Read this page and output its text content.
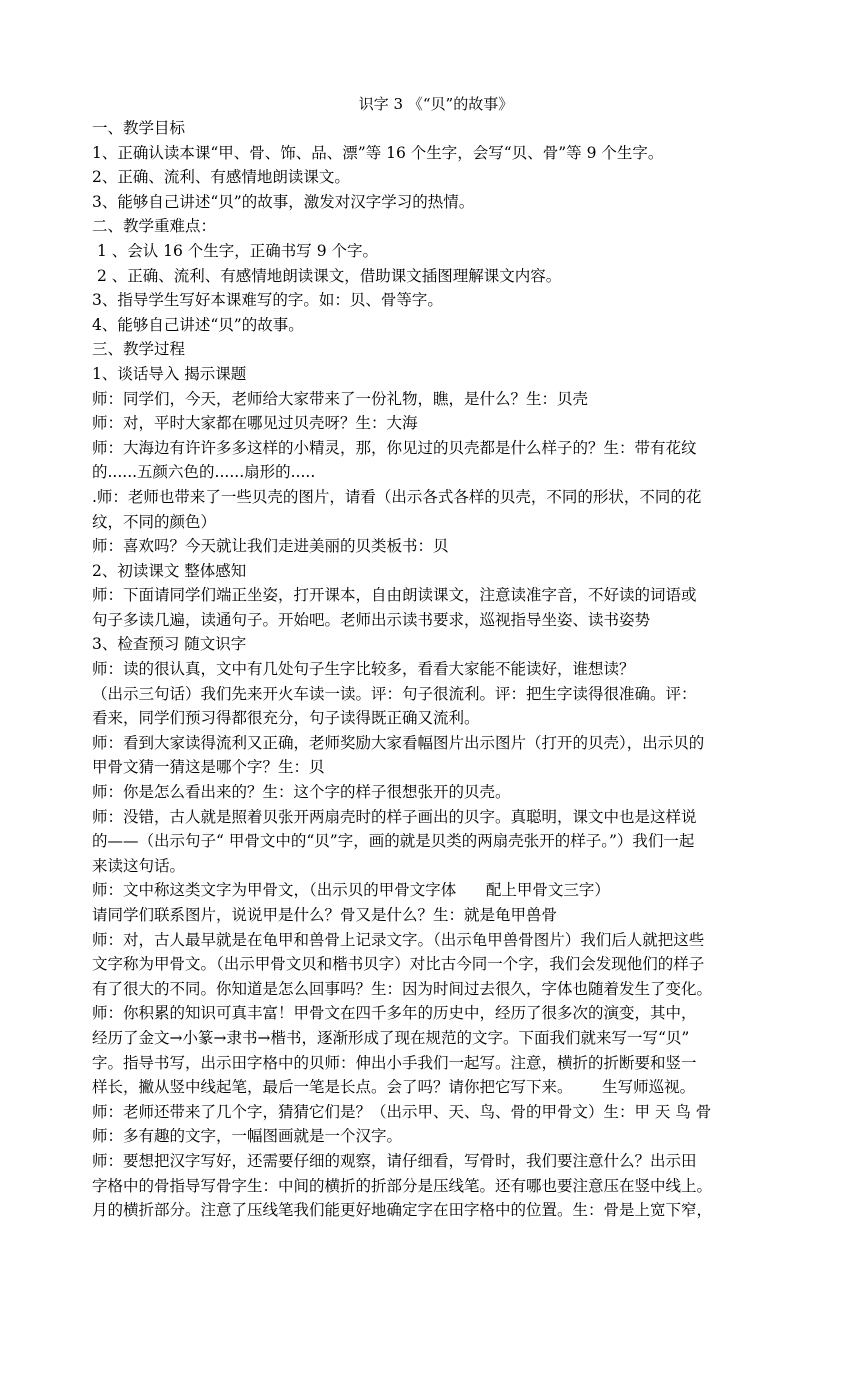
识字 3 《“贝”的故事》
一、教学目标
1、正确认读本课“甲、骨、饰、品、漂”等 16 个生字，会写“贝、骨”等 9 个生字。
2、正确、流利、有感情地朗读课文。
3、能够自己讲述“贝”的故事，激发对汉字学习的热情。
二、教学重难点：
1 、会认 16 个生字，正确书写 9 个字。
2 、正确、流利、有感情地朗读课文，借助课文插图理解课文内容。
3、指导学生写好本课难写的字。如：贝、骨等字。
4、能够自己讲述“贝”的故事。
三、教学过程
1、谈话导入 揭示课题
师：同学们，今天，老师给大家带来了一份礼物，瞧，是什么？生：贝壳
师：对，平时大家都在哪见过贝壳呀？生：大海
师：大海边有许许多多这样的小精灵，那，你见过的贝壳都是什么样子的？生：带有花纹
的......五颜六色的......扇形的.....
.师：老师也带来了一些贝壳的图片，请看（出示各式各样的贝壳，不同的形状，不同的花
纹，不同的颜色）
师：喜欢吗？今天就让我们走进美丽的贝类板书：贝
2、初读课文 整体感知
师：下面请同学们端正坐姿，打开课本，自由朗读课文，注意读准字音，不好读的词语或
句子多读几遍，读通句子。开始吧。老师出示读书要求，巡视指导坐姿、读书姿势
3、检查预习 随文识字
师：读的很认真，文中有几处句子生字比较多，看看大家能不能读好，谁想读？
（出示三句话）我们先来开火车读一读。评：句子很流利。评：把生字读得很准确。评：
看来，同学们预习得都很充分，句子读得既正确又流利。
师：看到大家读得流利又正确，老师奖励大家看幅图片出示图片（打开的贝壳），出示贝的
甲骨文猜一猜这是哪个字？生：贝
师：你是怎么看出来的？生：这个字的样子很想张开的贝壳。
师：没错，古人就是照着贝张开两扇壳时的样子画出的贝字。真聪明，课文中也是这样说
的——（出示句子“ 甲骨文中的“贝”字，画的就是贝类的两扇壳张开的样子。”）我们一起
来读这句话。
师：文中称这类文字为甲骨文，（出示贝的甲骨文字体      配上甲骨文三字）
请同学们联系图片，说说甲是什么？骨又是什么？生：就是龟甲兽骨
师：对，古人最早就是在龟甲和兽骨上记录文字。（出示龟甲兽骨图片）我们后人就把这些
文字称为甲骨文。（出示甲骨文贝和楷书贝字）对比古今同一个字，我们会发现他们的样子
有了很大的不同。你知道是怎么回事吗？生：因为时间过去很久，字体也随着发生了变化。
师：你积累的知识可真丰富！甲骨文在四千多年的历史中，经历了很多次的演变，其中，
经历了金文→小篆→隶书→楷书，逐渐形成了现在规范的文字。下面我们就来写一写“贝”
字。指导书写，出示田字格中的贝师：伸出小手我们一起写。注意，横折的折断要和竖一
样长，撇从竖中线起笔，最后一笔是长点。会了吗？请你把它写下来。      生写师巡视。
师：老师还带来了几个字，猜猜它们是？（出示甲、天、鸟、骨的甲骨文）生：甲 天 鸟 骨
师：多有趣的文字，一幅图画就是一个汉字。
师：要想把汉字写好，还需要仔细的观察，请仔细看，写骨时，我们要注意什么？出示田
字格中的骨指导写骨字生：中间的横折的折部分是压线笔。还有哪也要注意压在竖中线上。
月的横折部分。注意了压线笔我们能更好地确定字在田字格中的位置。生：骨是上宽下窄，
